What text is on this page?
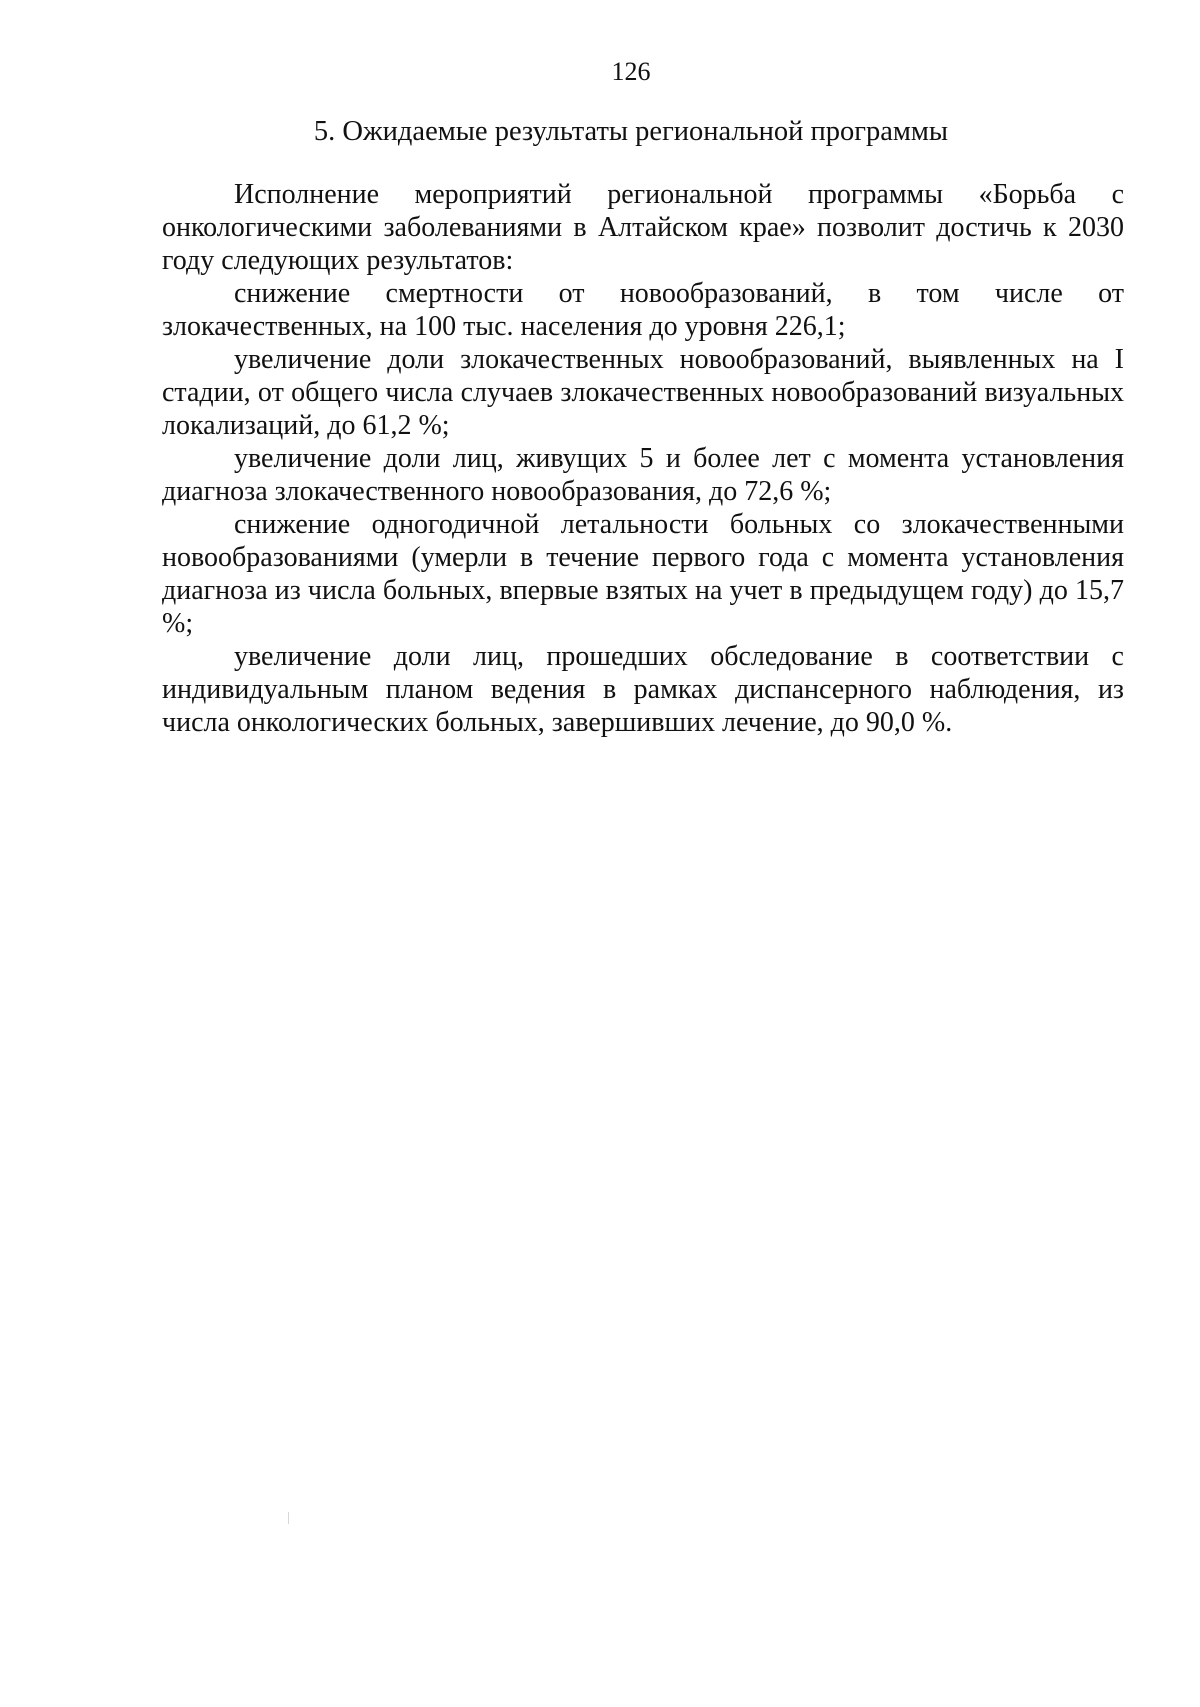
126
5. Ожидаемые результаты региональной программы

Исполнение мероприятий региональной программы «Борьба с онкологическими заболеваниями в Алтайском крае» позволит достичь к 2030 году следующих результатов:

снижение смертности от новообразований, в том числе от злокачественных, на 100 тыс. населения до уровня 226,1;

увеличение доли злокачественных новообразований, выявленных на I стадии, от общего числа случаев злокачественных новообразований визуальных локализаций, до 61,2 %;

увеличение доли лиц, живущих 5 и более лет с момента установления диагноза злокачественного новообразования, до 72,6 %;

снижение одногодичной летальности больных со злокачественными новообразованиями (умерли в течение первого года с момента установления диагноза из числа больных, впервые взятых на учет в предыдущем году) до 15,7 %;

увеличение доли лиц, прошедших обследование в соответствии с индивидуальным планом ведения в рамках диспансерного наблюдения, из числа онкологических больных, завершивших лечение, до 90,0 %.
